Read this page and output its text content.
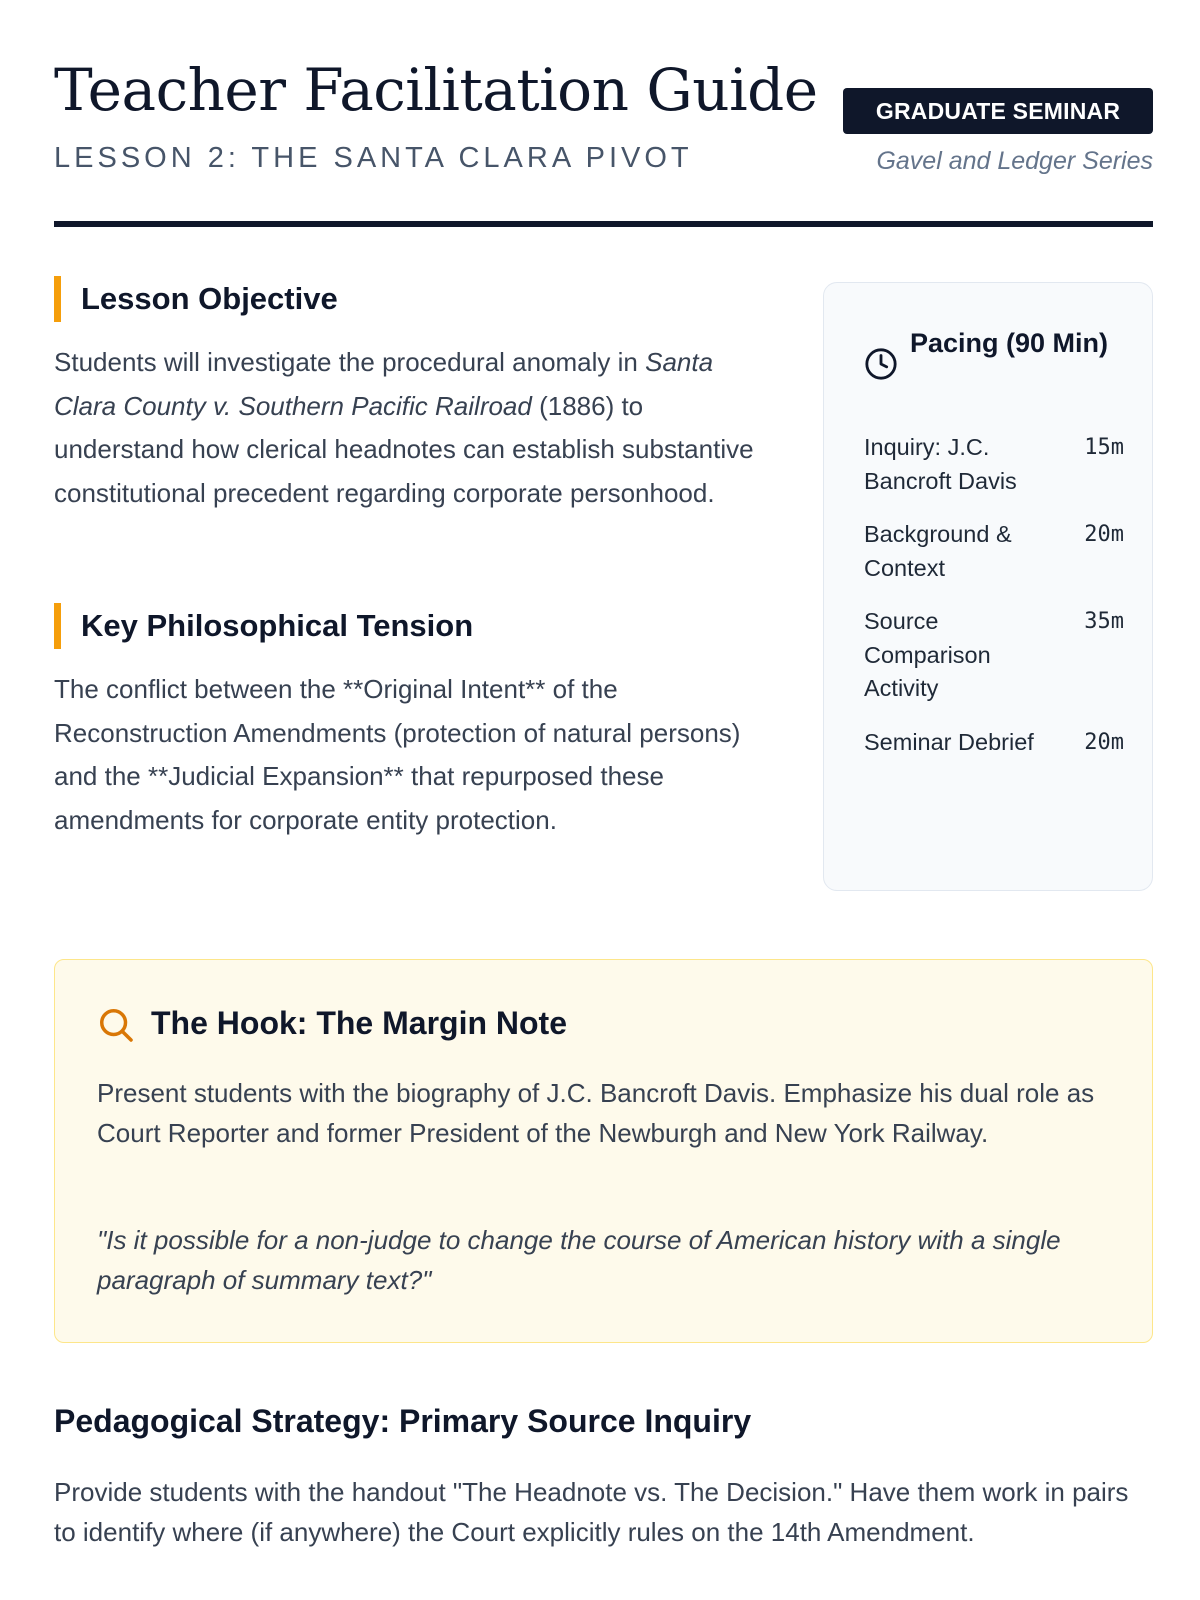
Teacher Facilitation Guide
LESSON 2: THE SANTA CLARA PIVOT
GRADUATE SEMINAR
Gavel and Ledger Series
Lesson Objective

Students will investigate the procedural anomaly in Santa Clara County v. Southern Pacific Railroad (1886) to understand how clerical headnotes can establish substantive constitutional precedent regarding corporate personhood.

Key Philosophical Tension

The conflict between the **Original Intent** of the Reconstruction Amendments (protection of natural persons) and the **Judicial Expansion** that repurposed these amendments for corporate entity protection.

Pacing (90 Min)
Inquiry: J.C. Bancroft Davis
15m
Background & Context
20m
Source Comparison Activity
35m
Seminar Debrief	20m
The Hook: The Margin Note

Present students with the biography of J.C. Bancroft Davis. Emphasize his dual role as Court Reporter and former President of the Newburgh and New York Railway.

"Is it possible for a non-judge to change the course of American history with a single paragraph of summary text?"

Pedagogical Strategy: Primary Source Inquiry

Provide students with the handout "The Headnote vs. The Decision." Have them work in pairs to identify where (if anywhere) the Court explicitly rules on the 14th Amendment.
